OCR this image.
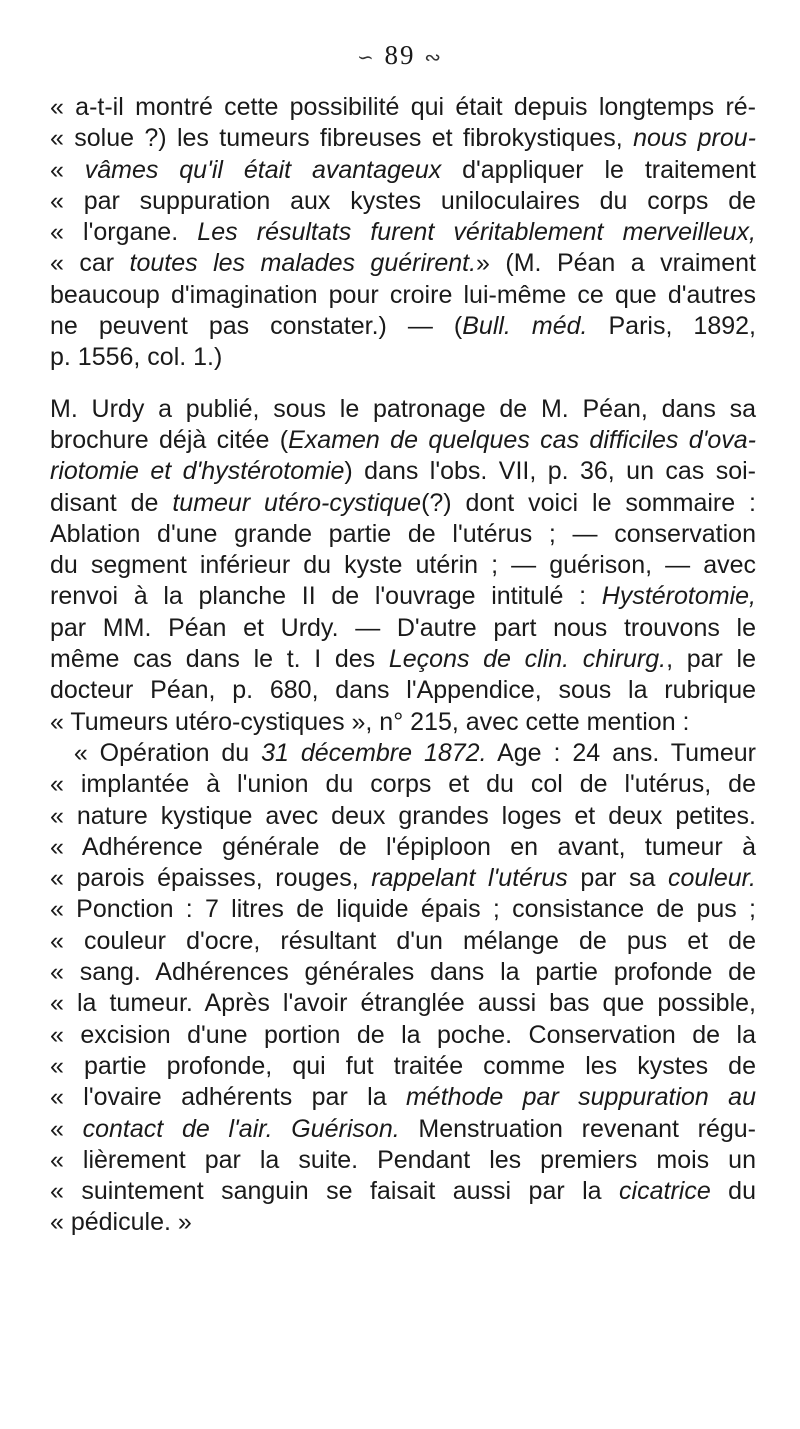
∽ 89 ∾
« a-t-il montré cette possibilité qui était depuis longtemps ré-
« solue ?) les tumeurs fibreuses et fibrokystiques, nous prou-
« vâmes qu'il était avantageux d'appliquer le traitement
« par suppuration aux kystes uniloculaires du corps de
« l'organe. Les résultats furent véritablement merveilleux,
« car toutes les malades guérirent.» (M. Péan a vraiment
beaucoup d'imagination pour croire lui-même ce que d'autres
ne peuvent pas constater.) — (Bull. méd. Paris, 1892,
p. 1556, col. 1.)
M. Urdy a publié, sous le patronage de M. Péan, dans sa
brochure déjà citée (Examen de quelques cas difficiles d'ova-
riotomie et d'hystérotomie) dans l'obs. VII, p. 36, un cas soi-
disant de tumeur utéro-cystique(?) dont voici le sommaire :
Ablation d'une grande partie de l'utérus ; — conservation
du segment inférieur du kyste utérin ; — guérison, — avec
renvoi à la planche II de l'ouvrage intitulé : Hystérotomie,
par MM. Péan et Urdy. — D'autre part nous trouvons le
même cas dans le t. I des Leçons de clin. chirurg., par le
docteur Péan, p. 680, dans l'Appendice, sous la rubrique
« Tumeurs utéro-cystiques », n° 215, avec cette mention :
« Opération du 31 décembre 1872. Age : 24 ans. Tumeur
« implantée à l'union du corps et du col de l'utérus, de
« nature kystique avec deux grandes loges et deux petites.
« Adhérence générale de l'épiploon en avant, tumeur à
« parois épaisses, rouges, rappelant l'utérus par sa couleur.
« Ponction : 7 litres de liquide épais ; consistance de pus ;
« couleur d'ocre, résultant d'un mélange de pus et de
« sang. Adhérences générales dans la partie profonde de
« la tumeur. Après l'avoir étranglée aussi bas que possible,
« excision d'une portion de la poche. Conservation de la
« partie profonde, qui fut traitée comme les kystes de
« l'ovaire adhérents par la méthode par suppuration au
« contact de l'air. Guérison. Menstruation revenant régu-
« lièrement par la suite. Pendant les premiers mois un
« suintement sanguin se faisait aussi par la cicatrice du
« pédicule. »
